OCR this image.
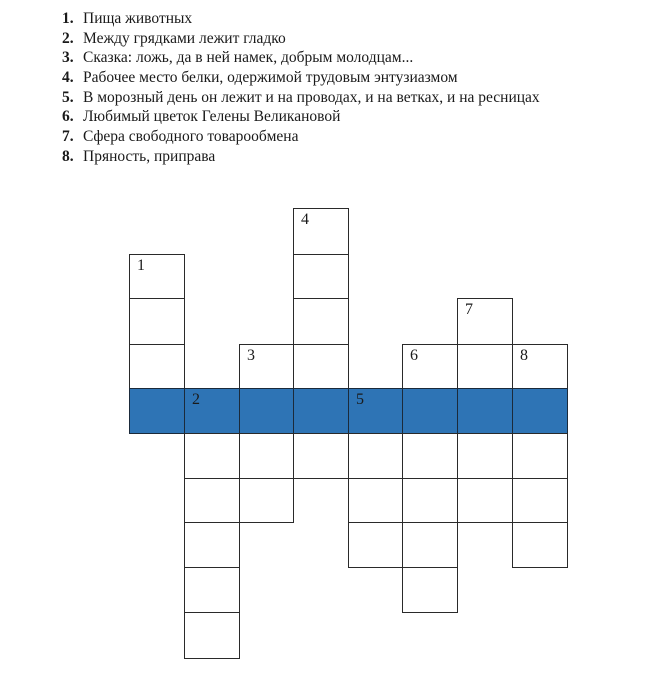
1. Пища животных
2. Между грядками лежит гладко
3. Сказка: ложь, да в ней намек, добрым молодцам...
4. Рабочее место белки, одержимой трудовым энтузиазмом
5. В морозный день он лежит и на проводах, и на ветках, и на ресницах
6. Любимый цветок Гелены Великановой
7. Сфера свободного товарообмена
8. Пряность, приправа
1
2
3
4
5
6
7
8
